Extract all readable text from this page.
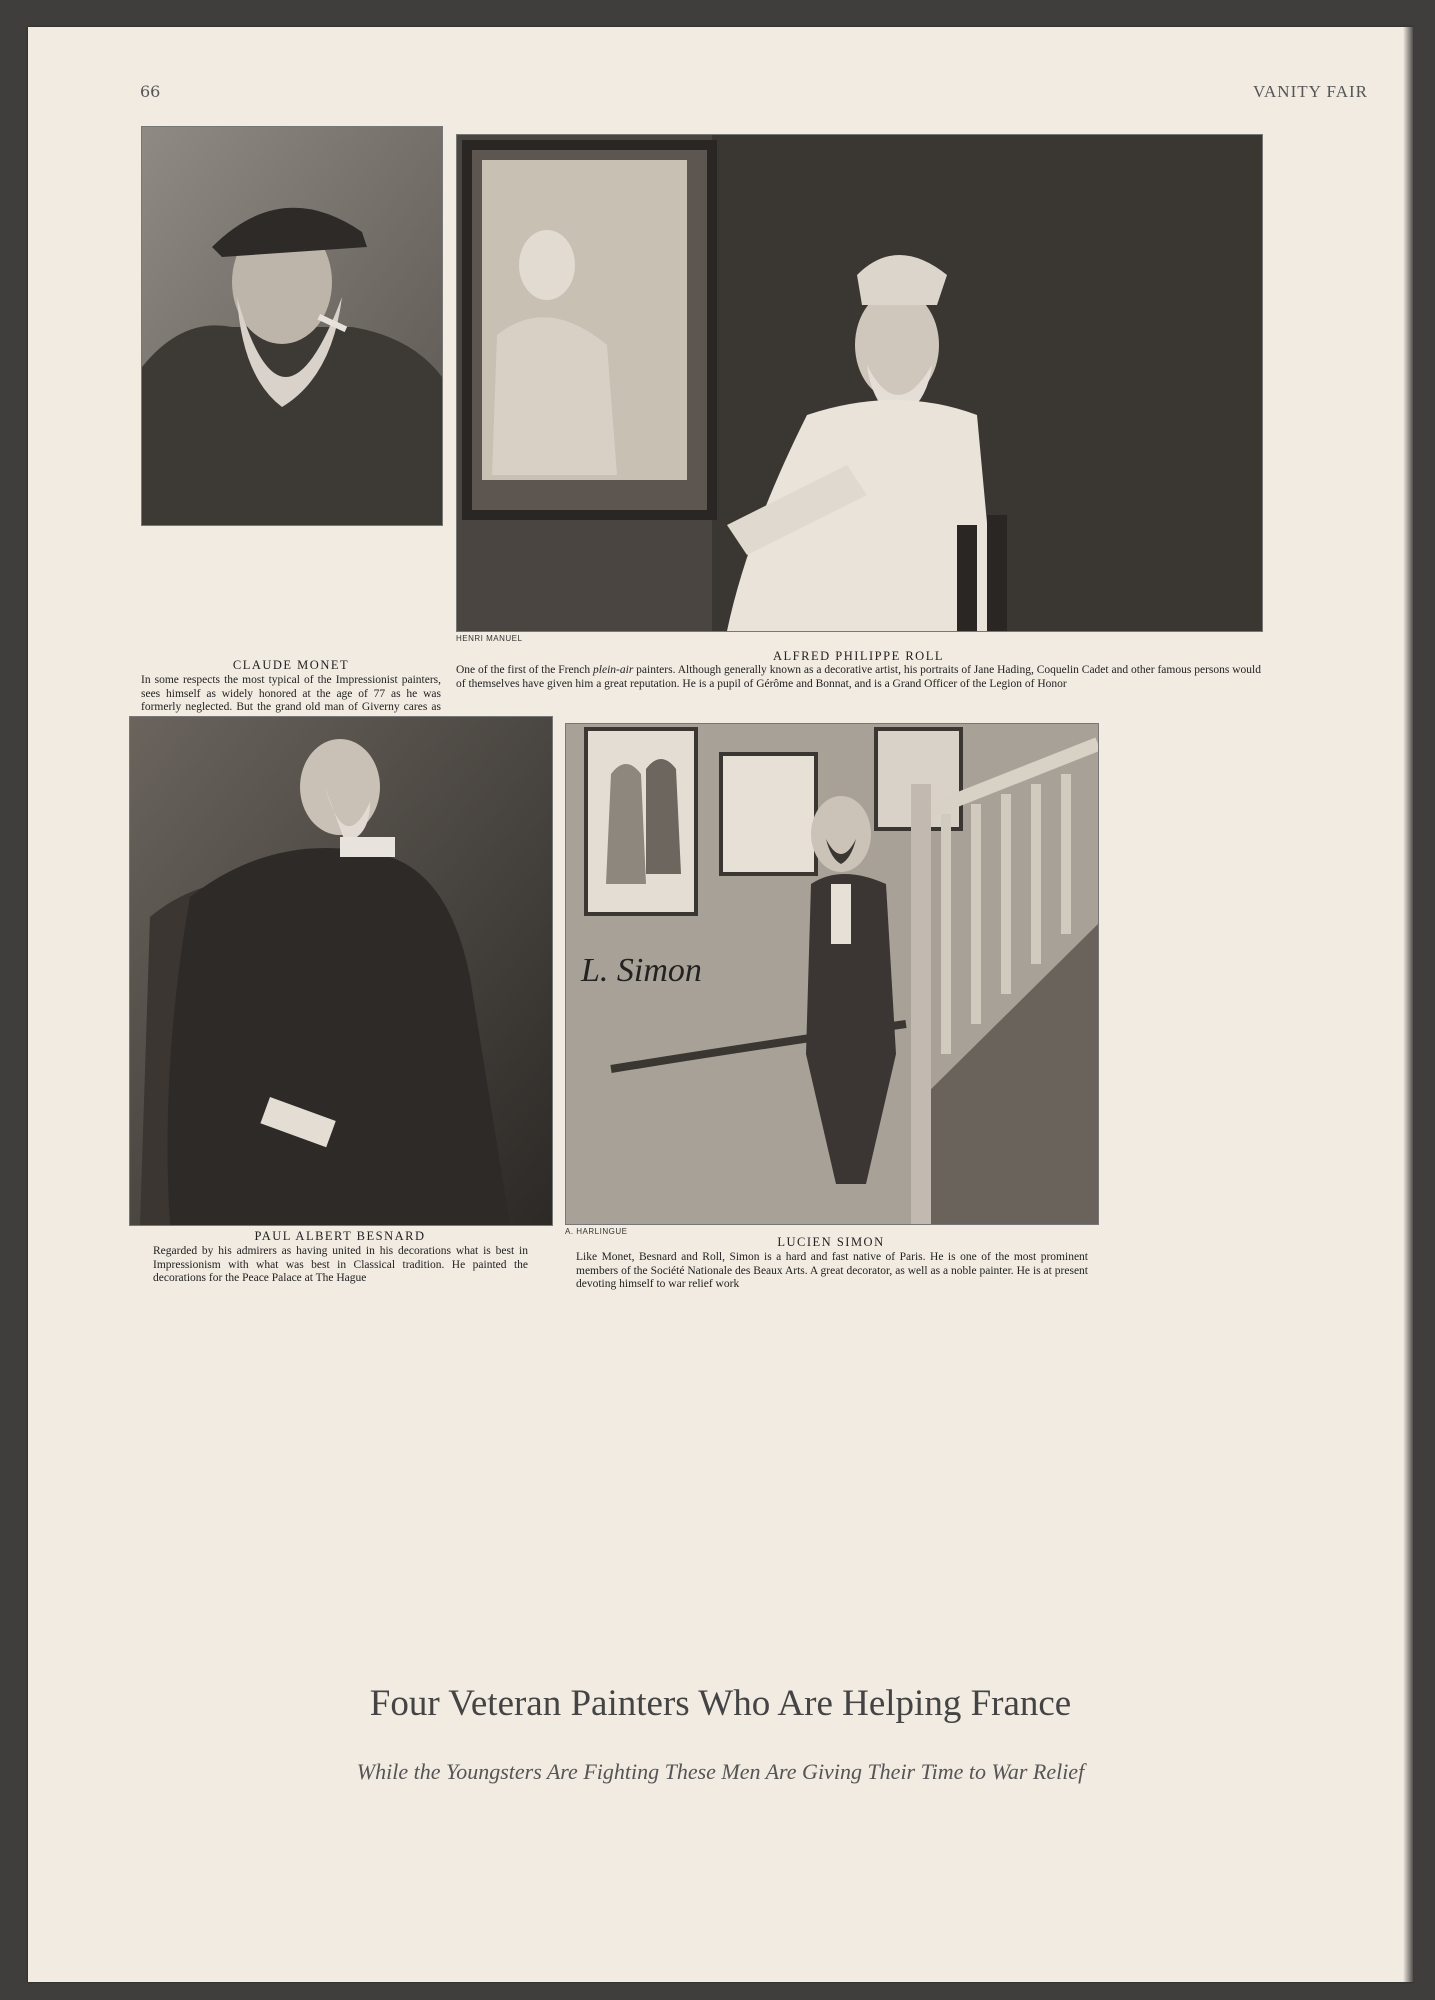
66	VANITY FAIR
CLAUDE MONET
In some respects the most typical of the Impressionist painters, sees himself as widely honored at the age of 77 as he was formerly neglected. But the grand old man of Giverny cares as
HENRI MANUEL
ALFRED PHILIPPE ROLL
One of the first of the French plein-air painters. Although generally known as a decorative artist, his portraits of Jane Hading, Coquelin Cadet and other famous persons would of themselves have given him a great reputation. He is a pupil of Gérôme and Bonnat, and is a Grand Officer of the Legion of Honor
PAUL ALBERT BESNARD
Regarded by his admirers as having united in his decorations what is best in Impressionism with what was best in Classical tradition. He painted the decorations for the Peace Palace at The Hague
L. Simon
A. HARLINGUE
LUCIEN SIMON
Like Monet, Besnard and Roll, Simon is a hard and fast native of Paris. He is one of the most prominent members of the Société Nationale des Beaux Arts. A great decorator, as well as a noble painter. He is at present devoting himself to war relief work
Four Veteran Painters Who Are Helping France
While the Youngsters Are Fighting These Men Are Giving Their Time to War Relief
